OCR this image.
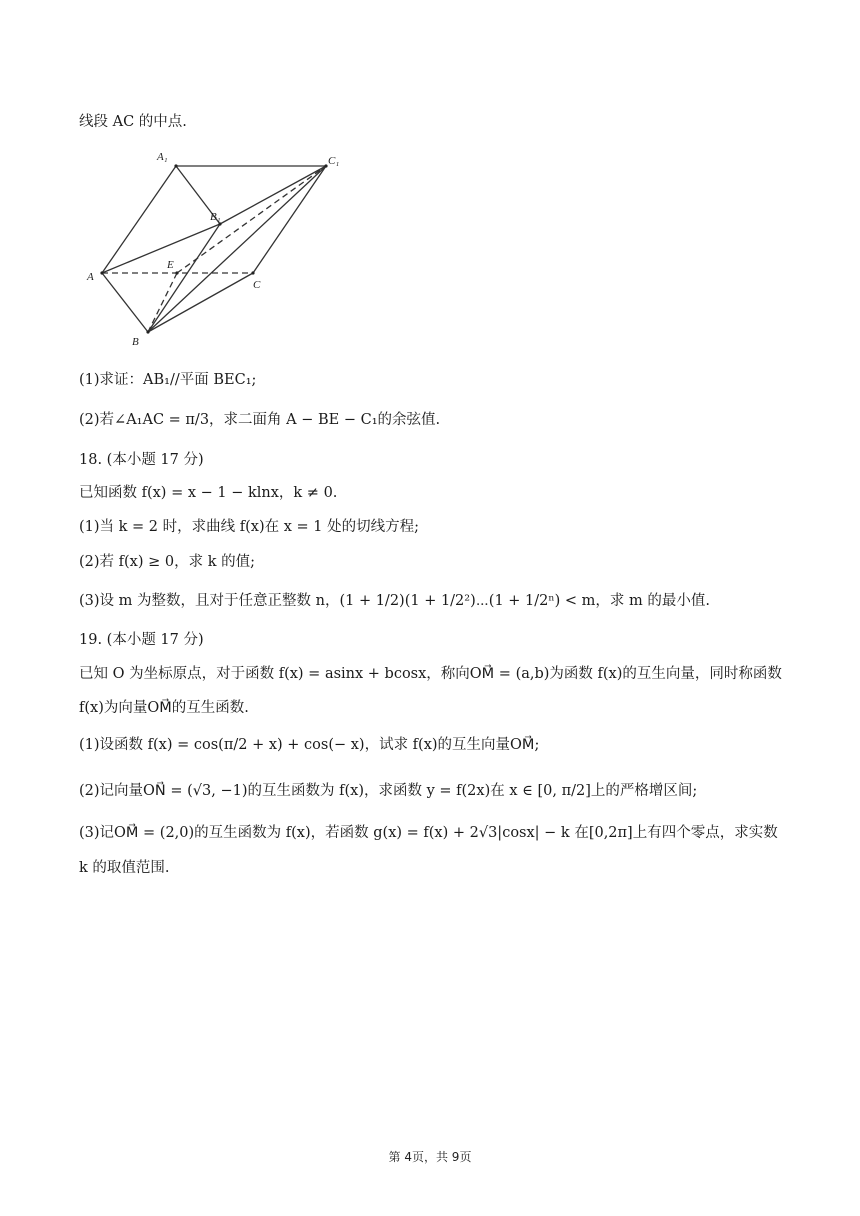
线段 AC 的中点.
A₁	C₁
B₁
A
E
C
B
(1)求证：AB₁//平面 BEC₁;
(2)若∠A₁AC = π/3，求二面角 A − BE − C₁的余弦值.
18. (本小题 17 分)
已知函数 f(x) = x − 1 − klnx，k ≠ 0.
(1)当 k = 2 时，求曲线 f(x)在 x = 1 处的切线方程;
(2)若 f(x) ≥ 0，求 k 的值;
(3)设 m 为整数，且对于任意正整数 n，(1 + 1/2)(1 + 1/2²)⋯(1 + 1/2ⁿ) < m，求 m 的最小值.
19. (本小题 17 分)
已知 O 为坐标原点，对于函数 f(x) = asinx + bcosx，称向OM⃗ = (a,b)为函数 f(x)的互生向量，同时称函数
f(x)为向量OM⃗的互生函数.
(1)设函数 f(x) = cos(π/2 + x) + cos(− x)，试求 f(x)的互生向量OM⃗;
(2)记向量ON⃗ = (√3, −1)的互生函数为 f(x)，求函数 y = f(2x)在 x ∈ [0, π/2]上的严格增区间;
(3)记OM⃗ = (2,0)的互生函数为 f(x)，若函数 g(x) = f(x) + 2√3|cosx| − k 在[0,2π]上有四个零点，求实数
k 的取值范围.
第 4页，共 9页
